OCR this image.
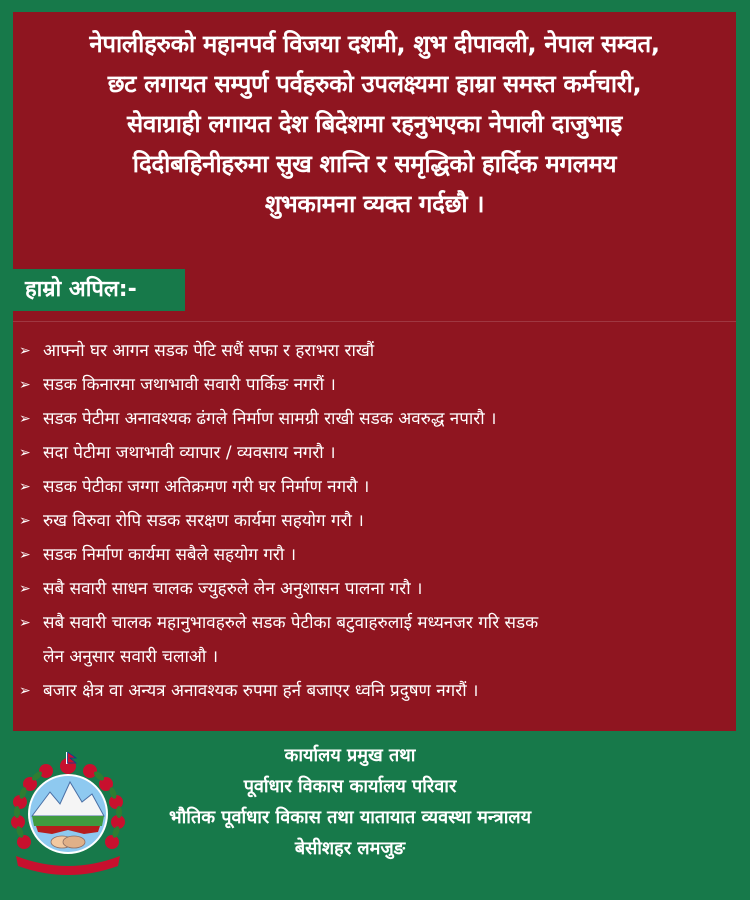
नेपालीहरुको महानपर्व विजया दशमी, शुभ दीपावली, नेपाल सम्वत,
छट लगायत सम्पुर्ण पर्वहरुको उपलक्ष्यमा हाम्रा समस्त कर्मचारी,
सेवाग्राही लगायत देश बिदेशमा रहनुभएका नेपाली दाजुभाइ
दिदीबहिनीहरुमा सुख शान्ति र समृद्धिको हार्दिक मगलमय
शुभकामना व्यक्त गर्दछौ ।
हाम्रो अपिल:-
➢ आफ्नो घर आगन सडक पेटि सधैं सफा र हराभरा राखौं
➢ सडक किनारमा जथाभावी सवारी पार्किङ नगरौं ।
➢ सडक पेटीमा अनावश्यक ढंगले निर्माण सामग्री राखी सडक अवरुद्ध नपारौ ।
➢ सदा पेटीमा जथाभावी व्यापार / व्यवसाय नगरौ ।
➢ सडक पेटीका जग्गा अतिक्रमण गरी घर निर्माण नगरौ ।
➢ रुख विरुवा रोपि सडक सरक्षण कार्यमा सहयोग गरौ ।
➢ सडक निर्माण कार्यमा सबैले सहयोग गरौ ।
➢ सबै सवारी साधन चालक ज्युहरुले लेन अनुशासन पालना गरौ ।
➢ सबै सवारी चालक महानुभावहरुले सडक पेटीका बटुवाहरुलाई मध्यनजर गरि सडक
लेन अनुसार सवारी चलाऔ ।
➢ बजार क्षेत्र वा अन्यत्र अनावश्यक रुपमा हर्न बजाएर ध्वनि प्रदुषण नगरौं ।
कार्यालय प्रमुख तथा
पूर्वाधार विकास कार्यालय परिवार
भौतिक पूर्वाधार विकास तथा यातायात व्यवस्था मन्त्रालय
बेसीशहर लमजुङ
